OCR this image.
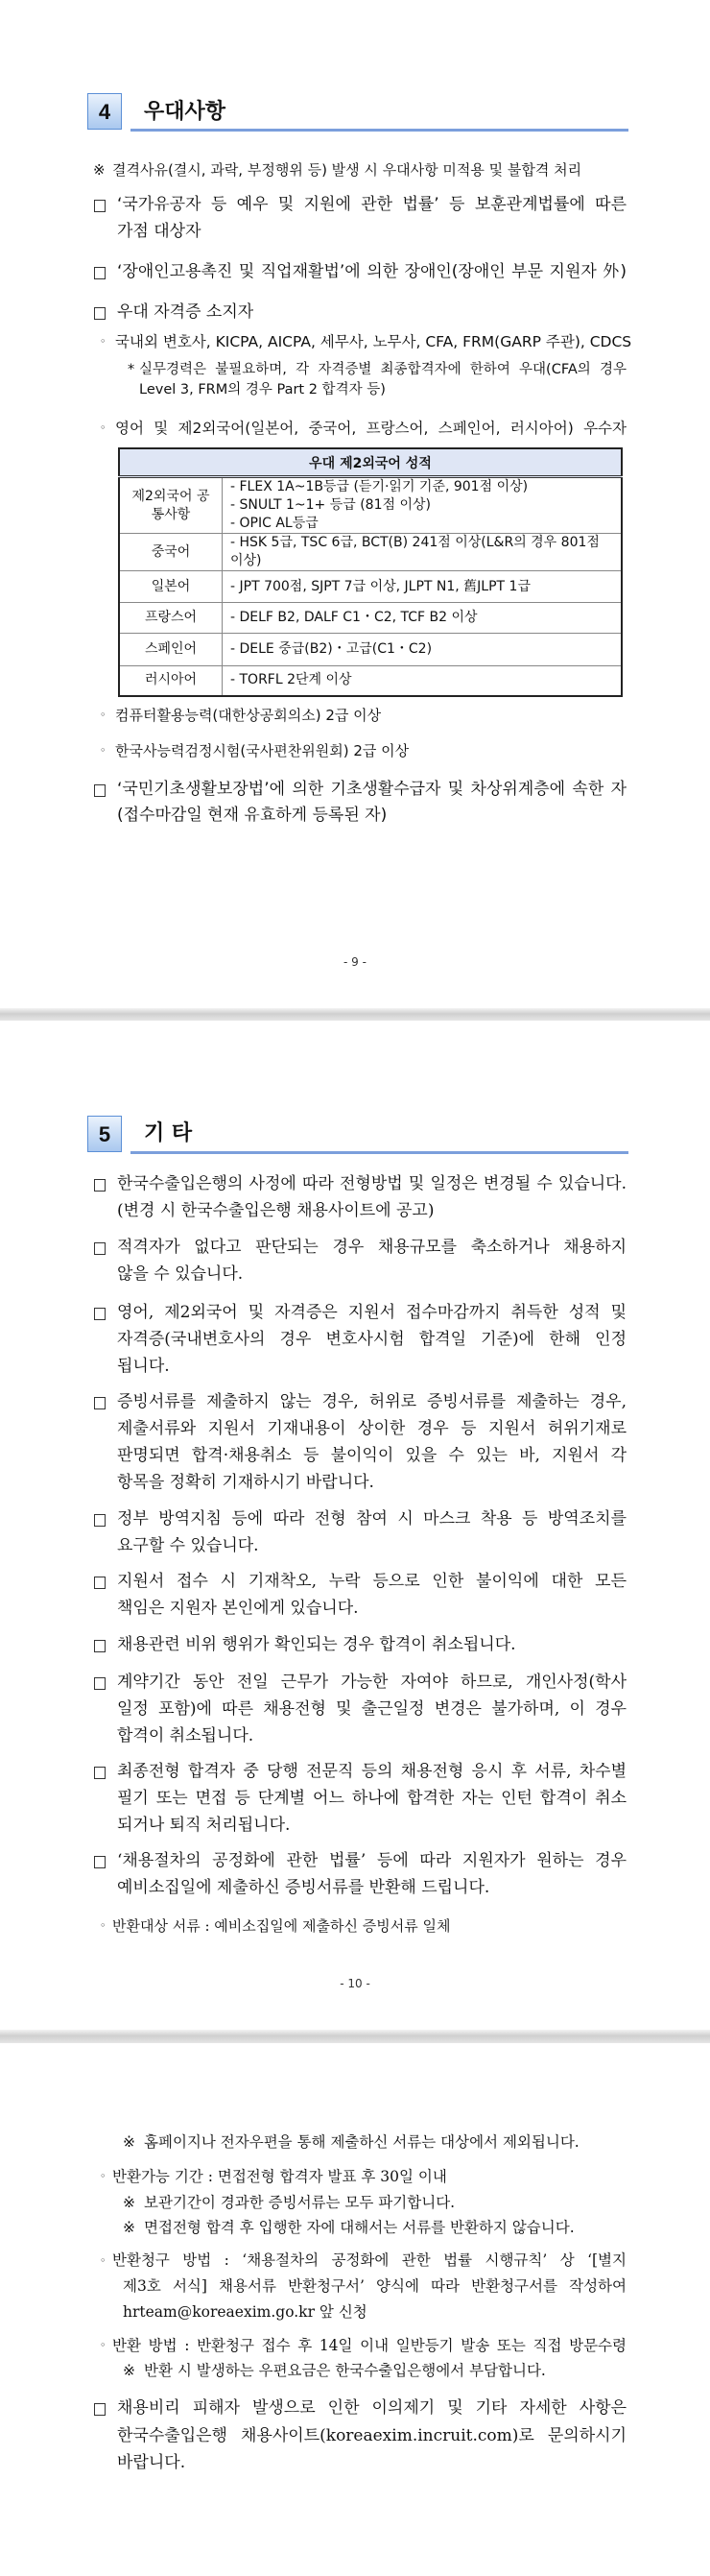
4	우대사항
5	기 타
우대 제2외국어 성적	
제2외국어 공통사항	- FLEX 1A~1B등급 (듣기·읽기 기준, 901점 이상)
- SNULT 1~1+ 등급 (81점 이상)
- OPIC AL등급

중국어	- HSK 5급, TSC 6급, BCT(B) 241점 이상(L&R의 경우 801점 이상)

일본어	- JPT 700점, SJPT 7급 이상, JLPT N1, 舊JLPT 1급

프랑스어	- DELF B2, DALF C1・C2, TCF B2 이상

스페인어	- DELE 중급(B2)・고급(C1・C2)

러시아어	- TORFL 2단계 이상
- 9 -
- 10 -
※ 결격사유(결시, 과락, 부정행위 등) 발생 시 우대사항 미적용 및 불합격 처리
‘국가유공자 등 예우 및 지원에 관한 법률’ 등 보훈관계법률에 따른
가점 대상자
‘장애인고용촉진 및 직업재활법’에 의한 장애인(장애인 부문 지원자 外)
우대 자격증 소지자
◦ 국내외 변호사, KICPA, AICPA, 세무사, 노무사, CFA, FRM(GARP 주관), CDCS
* 실무경력은 불필요하며, 각 자격증별 최종합격자에 한하여 우대(CFA의 경우
Level 3, FRM의 경우 Part 2 합격자 등)
◦ 영어 및 제2외국어(일본어, 중국어, 프랑스어, 스페인어, 러시아어) 우수자
◦ 컴퓨터활용능력(대한상공회의소) 2급 이상
◦ 한국사능력검정시험(국사편찬위원회) 2급 이상
‘국민기초생활보장법’에 의한 기초생활수급자 및 차상위계층에 속한 자
(접수마감일 현재 유효하게 등록된 자)
한국수출입은행의 사정에 따라 전형방법 및 일정은 변경될 수 있습니다.
(변경 시 한국수출입은행 채용사이트에 공고)
적격자가 없다고 판단되는 경우 채용규모를 축소하거나 채용하지
않을 수 있습니다.
영어, 제2외국어 및 자격증은 지원서 접수마감까지 취득한 성적 및
자격증(국내변호사의 경우 변호사시험 합격일 기준)에 한해 인정
됩니다.
증빙서류를 제출하지 않는 경우, 허위로 증빙서류를 제출하는 경우,
제출서류와 지원서 기재내용이 상이한 경우 등 지원서 허위기재로
판명되면 합격·채용취소 등 불이익이 있을 수 있는 바, 지원서 각
항목을 정확히 기재하시기 바랍니다.
정부 방역지침 등에 따라 전형 참여 시 마스크 착용 등 방역조치를
요구할 수 있습니다.
지원서 접수 시 기재착오, 누락 등으로 인한 불이익에 대한 모든
책임은 지원자 본인에게 있습니다.
채용관련 비위 행위가 확인되는 경우 합격이 취소됩니다.
계약기간 동안 전일 근무가 가능한 자여야 하므로, 개인사정(학사
일정 포함)에 따른 채용전형 및 출근일정 변경은 불가하며, 이 경우
합격이 취소됩니다.
최종전형 합격자 중 당행 전문직 등의 채용전형 응시 후 서류, 차수별
필기 또는 면접 등 단계별 어느 하나에 합격한 자는 인턴 합격이 취소
되거나 퇴직 처리됩니다.
‘채용절차의 공정화에 관한 법률’ 등에 따라 지원자가 원하는 경우
예비소집일에 제출하신 증빙서류를 반환해 드립니다.
◦ 반환대상 서류 : 예비소집일에 제출하신 증빙서류 일체
※ 홈페이지나 전자우편을 통해 제출하신 서류는 대상에서 제외됩니다.
◦ 반환가능 기간 : 면접전형 합격자 발표 후 30일 이내
※ 보관기간이 경과한 증빙서류는 모두 파기합니다.
※ 면접전형 합격 후 입행한 자에 대해서는 서류를 반환하지 않습니다.
◦ 반환청구 방법 : ‘채용절차의 공정화에 관한 법률 시행규칙’ 상 ‘[별지
제3호 서식] 채용서류 반환청구서’ 양식에 따라 반환청구서를 작성하여
hrteam@koreaexim.go.kr 앞 신청
◦ 반환 방법 : 반환청구 접수 후 14일 이내 일반등기 발송 또는 직접 방문수령
※ 반환 시 발생하는 우편요금은 한국수출입은행에서 부담합니다.
채용비리 피해자 발생으로 인한 이의제기 및 기타 자세한 사항은
한국수출입은행 채용사이트(koreaexim.incruit.com)로 문의하시기
바랍니다.
